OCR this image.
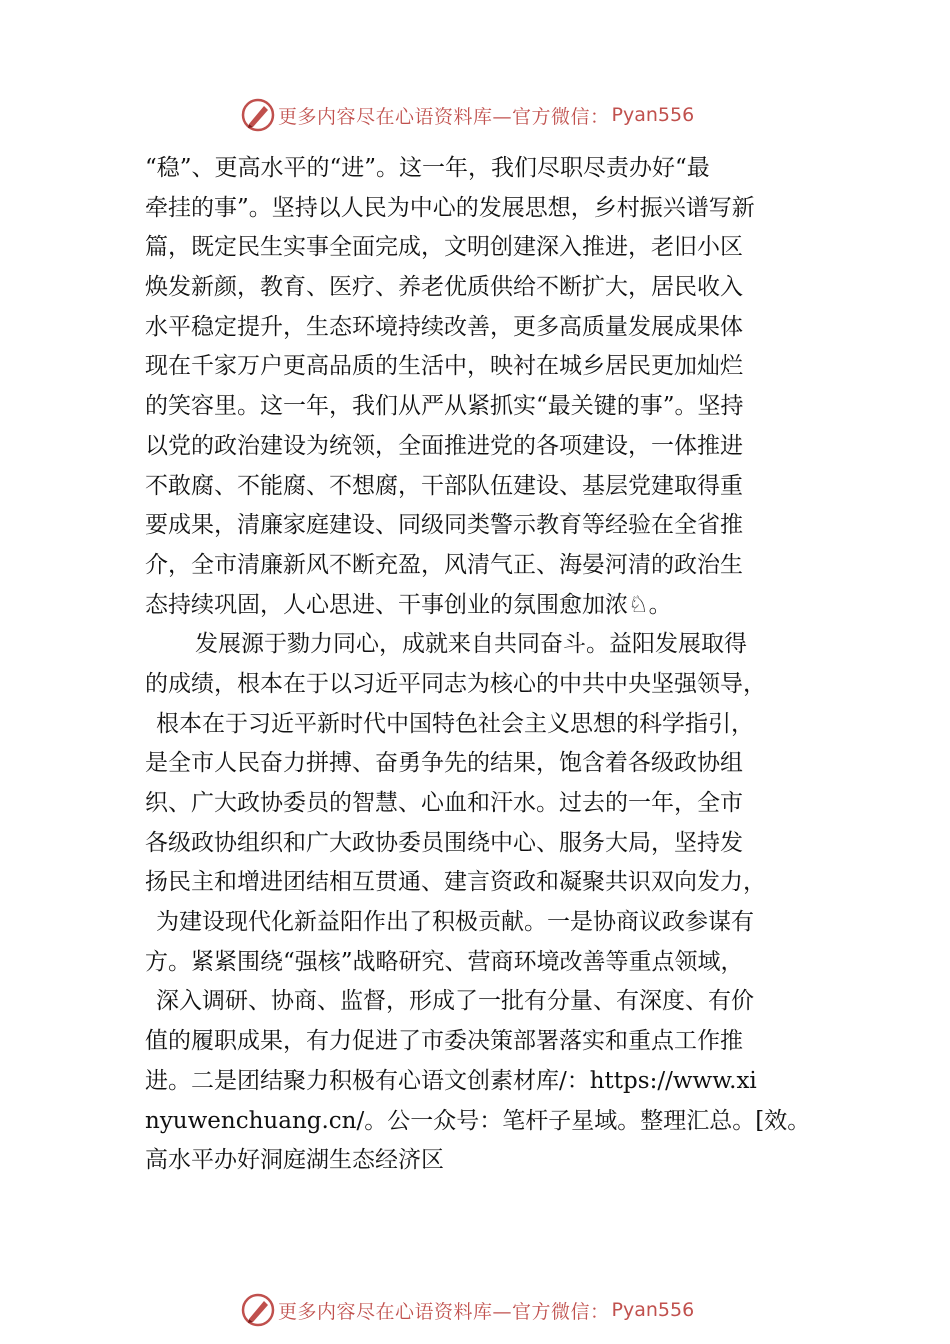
更多内容尽在心语资料库—官方微信： Pyan556
“稳”、更高水平的“进”。这一年，我们尽职尽责办好“最
牵挂的事”。坚持以人民为中心的发展思想，乡村振兴谱写新
篇，既定民生实事全面完成，文明创建深入推进，老旧小区
焕发新颜，教育、医疗、养老优质供给不断扩大，居民收入
水平稳定提升，生态环境持续改善，更多高质量发展成果体
现在千家万户更高品质的生活中，映衬在城乡居民更加灿烂
的笑容里。这一年，我们从严从紧抓实“最关键的事”。坚持
以党的政治建设为统领，全面推进党的各项建设，一体推进
不敢腐、不能腐、不想腐，干部队伍建设、基层党建取得重
要成果，清廉家庭建设、同级同类警示教育等经验在全省推
介，全市清廉新风不断充盈，风清气正、海晏河清的政治生
态持续巩固，人心思进、干事创业的氛围愈加浓♘。
发展源于勠力同心，成就来自共同奋斗。益阳发展取得
的成绩，根本在于以习近平同志为核心的中共中央坚强领导，
根本在于习近平新时代中国特色社会主义思想的科学指引，
是全市人民奋力拼搏、奋勇争先的结果，饱含着各级政协组
织、广大政协委员的智慧、心血和汗水。过去的一年，全市
各级政协组织和广大政协委员围绕中心、服务大局，坚持发
扬民主和增进团结相互贯通、建言资政和凝聚共识双向发力，
为建设现代化新益阳作出了积极贡献。一是协商议政参谋有
方。紧紧围绕“强核”战略研究、营商环境改善等重点领域，
深入调研、协商、监督，形成了一批有分量、有深度、有价
值的履职成果，有力促进了市委决策部署落实和重点工作推
进。二是团结聚力积极有心语文创素材库/：https://www.xi
nyuwenchuang.cn/。公一众号：笔杆子星域。整理汇总。[效。
高水平办好洞庭湖生态经济区
更多内容尽在心语资料库—官方微信： Pyan556
